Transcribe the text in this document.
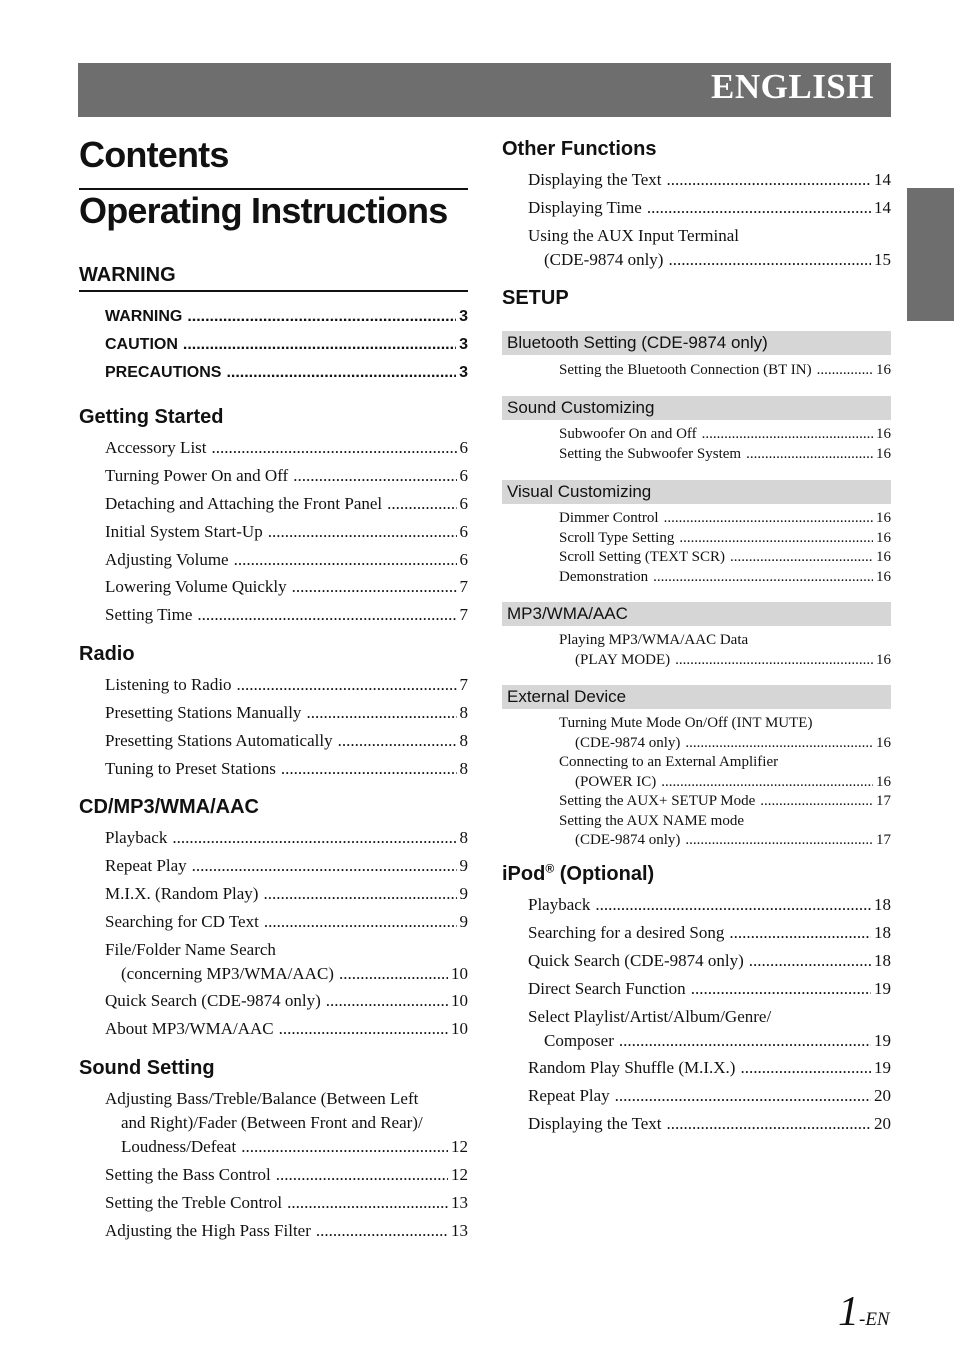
ENGLISH
Contents
Operating Instructions
WARNING
WARNING .....	3
CAUTION .....	3
PRECAUTIONS .....	3
Getting Started
Accessory List .....	6
Turning Power On and Off .....	6
Detaching and Attaching the Front Panel .....	6
Initial System Start-Up .....	6
Adjusting Volume .....	6
Lowering Volume Quickly .....	7
Setting Time .....	7
Radio
Listening to Radio .....	7
Presetting Stations Manually .....	8
Presetting Stations Automatically .....	8
Tuning to Preset Stations .....	8
CD/MP3/WMA/AAC
Playback .....	8
Repeat Play .....	9
M.I.X. (Random Play) .....	9
Searching for CD Text .....	9
File/Folder Name Search
(concerning MP3/WMA/AAC) .....	10
Quick Search (CDE-9874 only) .....	10
About MP3/WMA/AAC .....	10
Sound Setting
Adjusting Bass/Treble/Balance (Between Left
and Right)/Fader (Between Front and Rear)/
Loudness/Defeat .....	12
Setting the Bass Control .....	12
Setting the Treble Control .....	13
Adjusting the High Pass Filter .....	13
Other Functions
Displaying the Text .....	14
Displaying Time .....	14
Using the AUX Input Terminal
(CDE-9874 only) .....	15
SETUP
Bluetooth Setting (CDE-9874 only)
Setting the Bluetooth Connection (BT IN) .....	16
Sound Customizing
Subwoofer On and Off .....	16
Setting the Subwoofer System .....	16
Visual Customizing
Dimmer Control .....	16
Scroll Type Setting .....	16
Scroll Setting (TEXT SCR) .....	16
Demonstration .....	16
MP3/WMA/AAC
Playing MP3/WMA/AAC Data
(PLAY MODE) .....	16
External Device
Turning Mute Mode On/Off (INT MUTE)
(CDE-9874 only) .....	16
Connecting to an External Amplifier
(POWER IC) .....	16
Setting the AUX+ SETUP Mode .....	17
Setting the AUX NAME mode
(CDE-9874 only) .....	17
iPod® (Optional)
Playback .....	18
Searching for a desired Song .....	18
Quick Search (CDE-9874 only) .....	18
Direct Search Function .....	19
Select Playlist/Artist/Album/Genre/
Composer .....	19
Random Play Shuffle (M.I.X.) .....	19
Repeat Play .....	20
Displaying the Text .....	20
1-EN
